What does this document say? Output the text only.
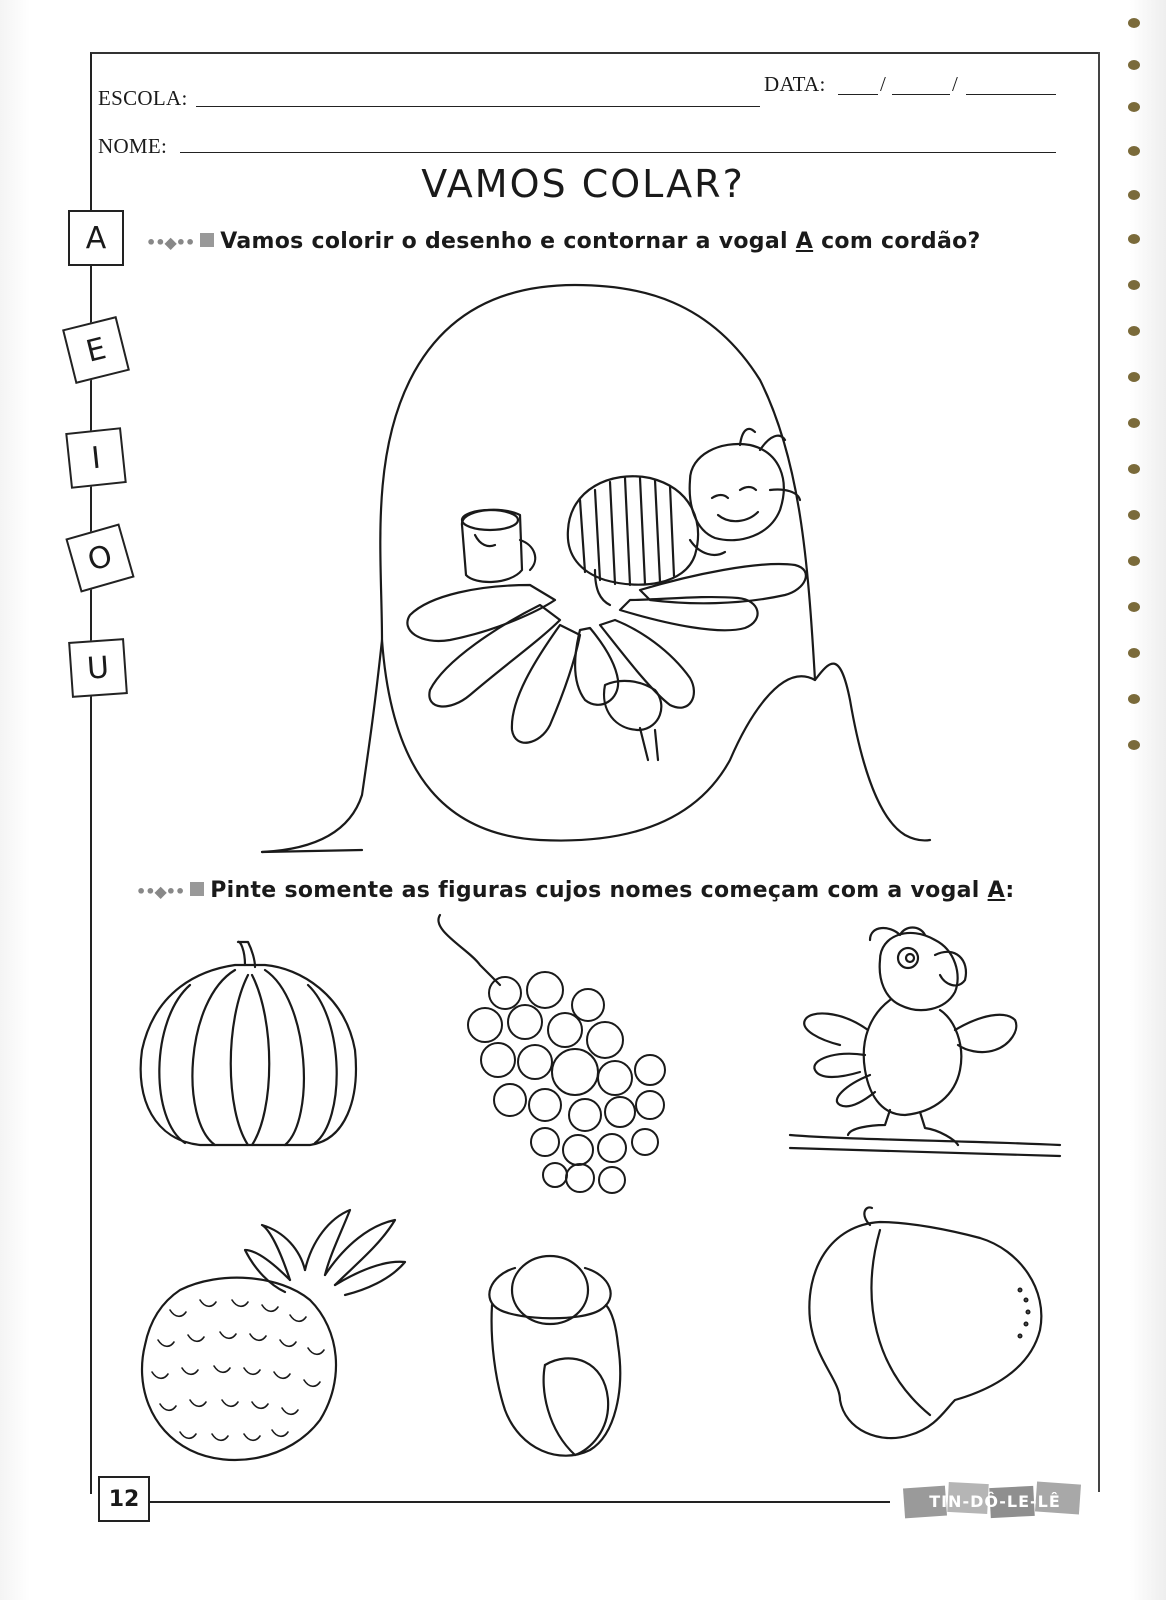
ESCOLA:
DATA:	/	/
NOME:
VAMOS COLAR?
••◆•• Vamos colorir o desenho e contornar a vogal A com cordão?
••◆•• Pinte somente as figuras cujos nomes começam com a vogal A:
A
E
I
O
U
12	TIN-DÔ-LE-LÊ
